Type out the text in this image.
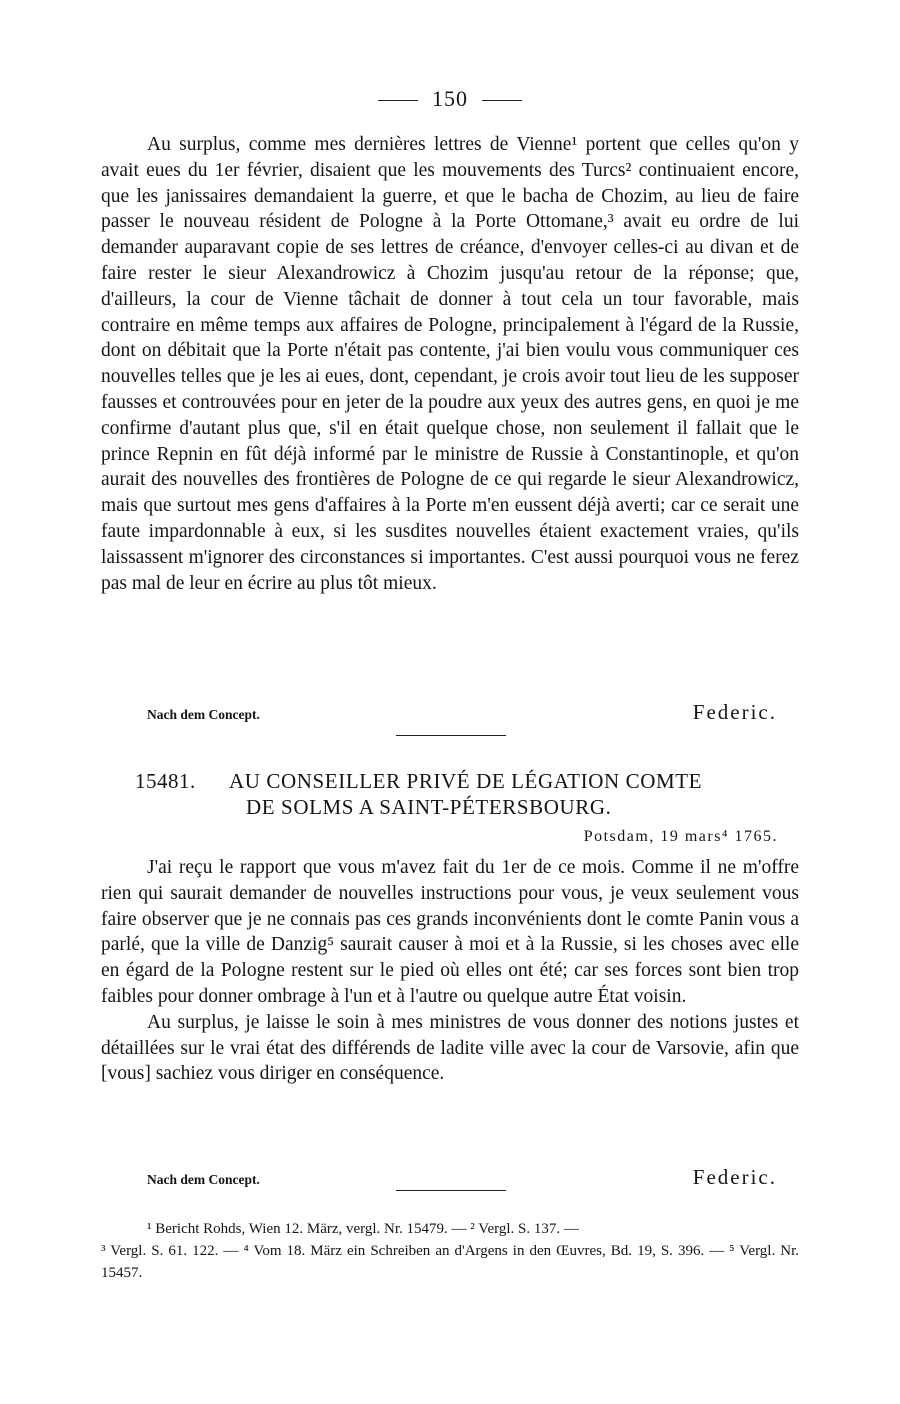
150

Au surplus, comme mes dernières lettres de Vienne¹ portent que celles qu'on y avait eues du 1er février, disaient que les mouvements des Turcs² continuaient encore, que les janissaires demandaient la guerre, et que le bacha de Chozim, au lieu de faire passer le nouveau résident de Pologne à la Porte Ottomane,³ avait eu ordre de lui demander auparavant copie de ses lettres de créance, d'envoyer celles-ci au divan et de faire rester le sieur Alexandrowicz à Chozim jusqu'au retour de la réponse; que, d'ailleurs, la cour de Vienne tâchait de donner à tout cela un tour favorable, mais contraire en même temps aux affaires de Pologne, principalement à l'égard de la Russie, dont on débitait que la Porte n'était pas contente, j'ai bien voulu vous communiquer ces nouvelles telles que je les ai eues, dont, cependant, je crois avoir tout lieu de les supposer fausses et controuvées pour en jeter de la poudre aux yeux des autres gens, en quoi je me confirme d'autant plus que, s'il en était quelque chose, non seulement il fallait que le prince Repnin en fût déjà informé par le ministre de Russie à Constantinople, et qu'on aurait des nouvelles des frontières de Pologne de ce qui regarde le sieur Alexandrowicz, mais que surtout mes gens d'affaires à la Porte m'en eussent déjà averti; car ce serait une faute impardonnable à eux, si les susdites nouvelles étaient exactement vraies, qu'ils laissassent m'ignorer des circonstances si importantes. C'est aussi pourquoi vous ne ferez pas mal de leur en écrire au plus tôt mieux.

Nach dem Concept.	Federic.
15481. AU CONSEILLER PRIVÉ DE LÉGATION COMTE
DE SOLMS A SAINT-PÉTERSBOURG.
Potsdam, 19 mars⁴ 1765.

J'ai reçu le rapport que vous m'avez fait du 1er de ce mois. Comme il ne m'offre rien qui saurait demander de nouvelles instructions pour vous, je veux seulement vous faire observer que je ne connais pas ces grands inconvénients dont le comte Panin vous a parlé, que la ville de Danzig⁵ saurait causer à moi et à la Russie, si les choses avec elle en égard de la Pologne restent sur le pied où elles ont été; car ses forces sont bien trop faibles pour donner ombrage à l'un et à l'autre ou quelque autre État voisin.

Au surplus, je laisse le soin à mes ministres de vous donner des notions justes et détaillées sur le vrai état des différends de ladite ville avec la cour de Varsovie, afin que [vous] sachiez vous diriger en conséquence.

Nach dem Concept.	Federic.

¹ Bericht Rohds, Wien 12. März, vergl. Nr. 15479. — ² Vergl. S. 137. —

³ Vergl. S. 61. 122. — ⁴ Vom 18. März ein Schreiben an d'Argens in den Œuvres, Bd. 19, S. 396. — ⁵ Vergl. Nr. 15457.
